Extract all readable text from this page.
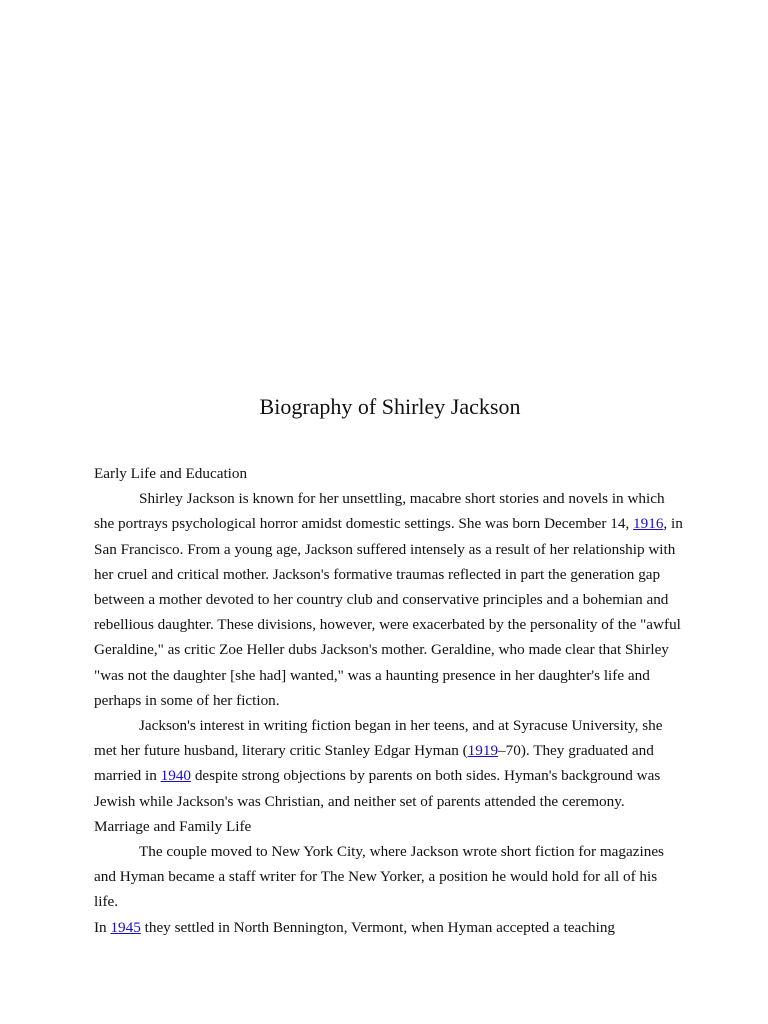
Biography of Shirley Jackson
Early Life and Education

Shirley Jackson is known for her unsettling, macabre short stories and novels in which she portrays psychological horror amidst domestic settings. She was born December 14, 1916, in San Francisco. From a young age, Jackson suffered intensely as a result of her relationship with her cruel and critical mother. Jackson's formative traumas reflected in part the generation gap between a mother devoted to her country club and conservative principles and a bohemian and rebellious daughter. These divisions, however, were exacerbated by the personality of the "awful Geraldine," as critic Zoe Heller dubs Jackson's mother. Geraldine, who made clear that Shirley "was not the daughter [she had] wanted," was a haunting presence in her daughter's life and perhaps in some of her fiction.

Jackson's interest in writing fiction began in her teens, and at Syracuse University, she met her future husband, literary critic Stanley Edgar Hyman (1919–70). They graduated and married in 1940 despite strong objections by parents on both sides. Hyman's background was Jewish while Jackson's was Christian, and neither set of parents attended the ceremony.

Marriage and Family Life

The couple moved to New York City, where Jackson wrote short fiction for magazines and Hyman became a staff writer for The New Yorker, a position he would hold for all of his life.

In 1945 they settled in North Bennington, Vermont, when Hyman accepted a teaching
